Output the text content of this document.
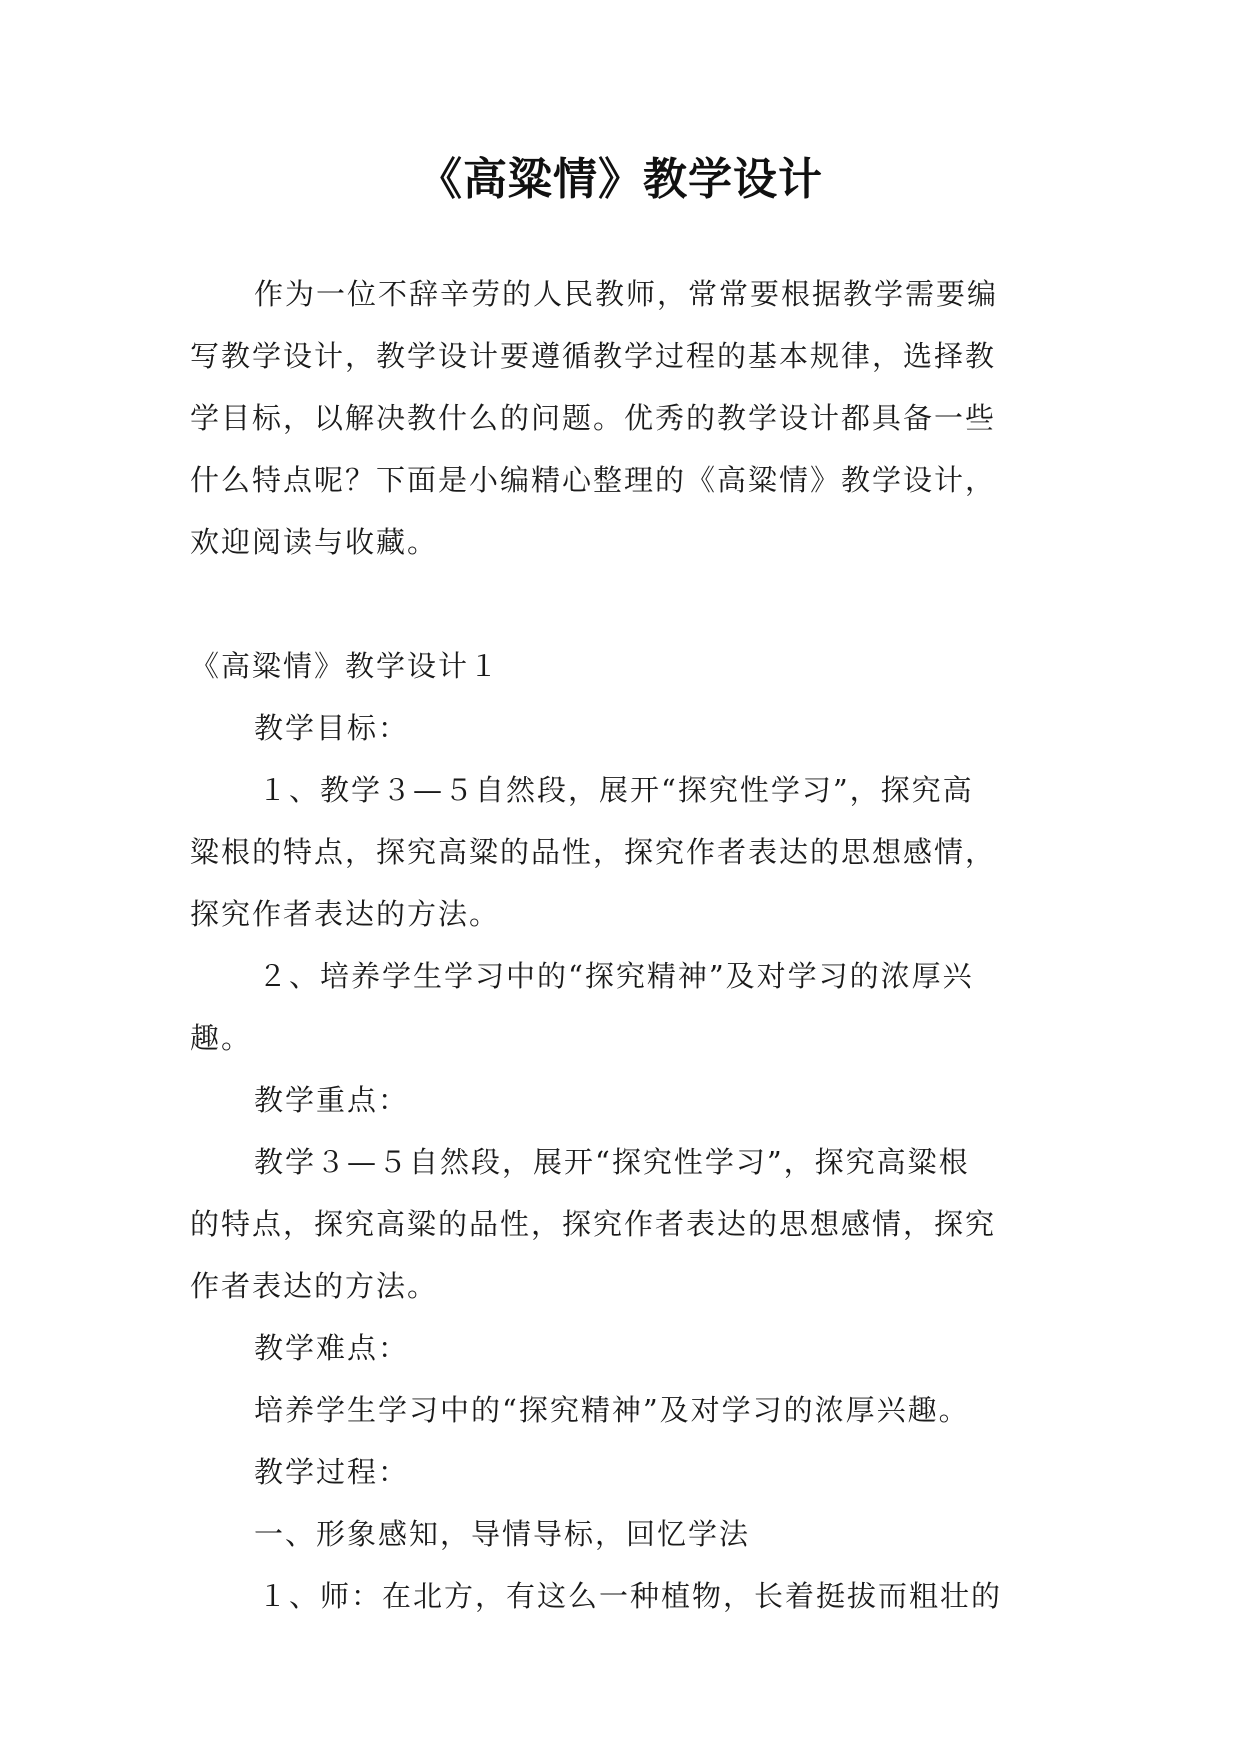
《高粱情》教学设计
作为一位不辞辛劳的人民教师，常常要根据教学需要编
写教学设计，教学设计要遵循教学过程的基本规律，选择教
学目标，以解决教什么的问题。优秀的教学设计都具备一些
什么特点呢？下面是小编精心整理的《高粱情》教学设计，
欢迎阅读与收藏。
《高粱情》教学设计１
教学目标：
１、教学３—５自然段，展开“探究性学习”，探究高
粱根的特点，探究高粱的品性，探究作者表达的思想感情，
探究作者表达的方法。
２、培养学生学习中的“探究精神”及对学习的浓厚兴
趣。
教学重点：
教学３—５自然段，展开“探究性学习”，探究高粱根
的特点，探究高粱的品性，探究作者表达的思想感情，探究
作者表达的方法。
教学难点：
培养学生学习中的“探究精神”及对学习的浓厚兴趣。
教学过程：
一、形象感知，导情导标，回忆学法
１、师：在北方，有这么一种植物，长着挺拔而粗壮的
